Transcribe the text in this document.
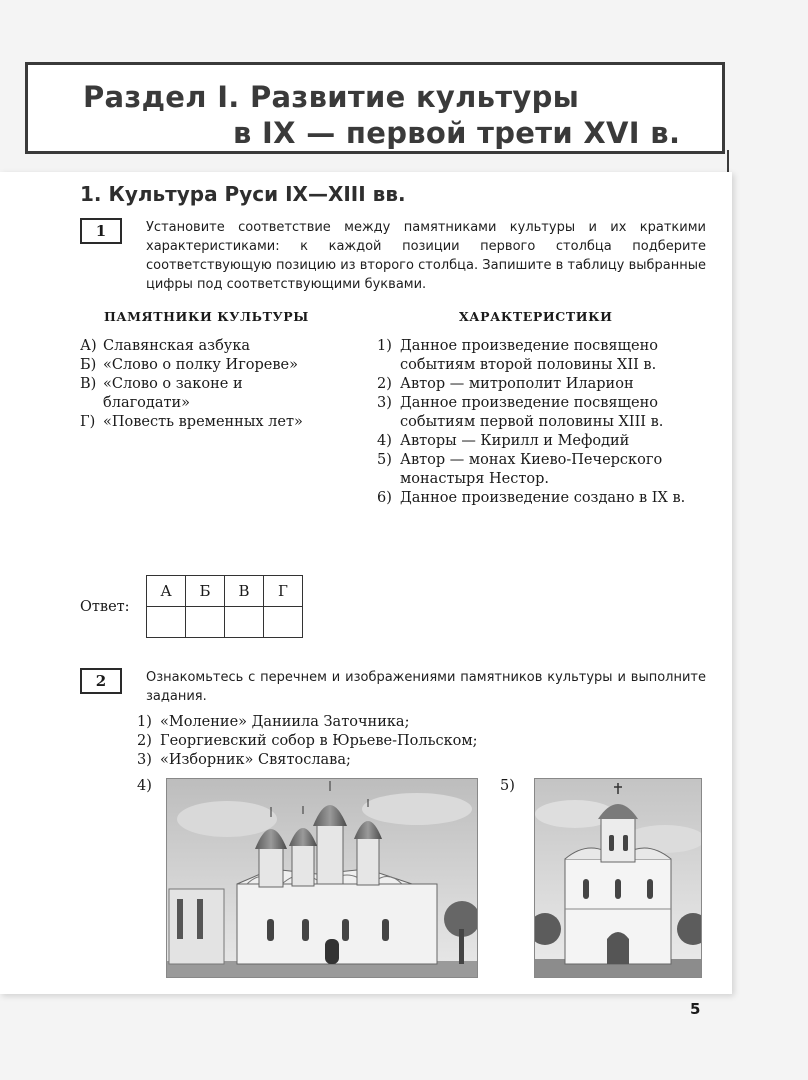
Раздел I. Развитие культуры
в IX — первой трети XVI в.
1. Культура Руси IX—XIII вв.
1	Установите соответствие между памятниками культуры и их краткими характеристиками: к каждой позиции первого столбца подберите соответствующую позицию из второго столбца. Запишите в таблицу выбранные цифры под соответствующими буквами.
ПАМЯТНИКИ КУЛЬТУРЫ	ХАРАКТЕРИСТИКИ
А) Славянская азбука
Б) «Слово о полку Игореве»
В) «Слово о законе и благодати»
Г) «Повесть временных лет»
1) Данное произведение посвящено событиям второй половины XII в.
2) Автор — митрополит Иларион
3) Данное произведение посвящено событиям первой половины XIII в.
4) Авторы — Кирилл и Мефодий
5) Автор — монах Киево-Печерского монастыря Нестор.
6) Данное произведение создано в IX в.
Ответ:
А	Б	В	Г

2	Ознакомьтесь с перечнем и изображениями памятников культуры и выполните задания.
1) «Моление» Даниила Заточника;
2) Георгиевский собор в Юрьеве-Польском;
3) «Изборник» Святослава;
4)	5)
5
